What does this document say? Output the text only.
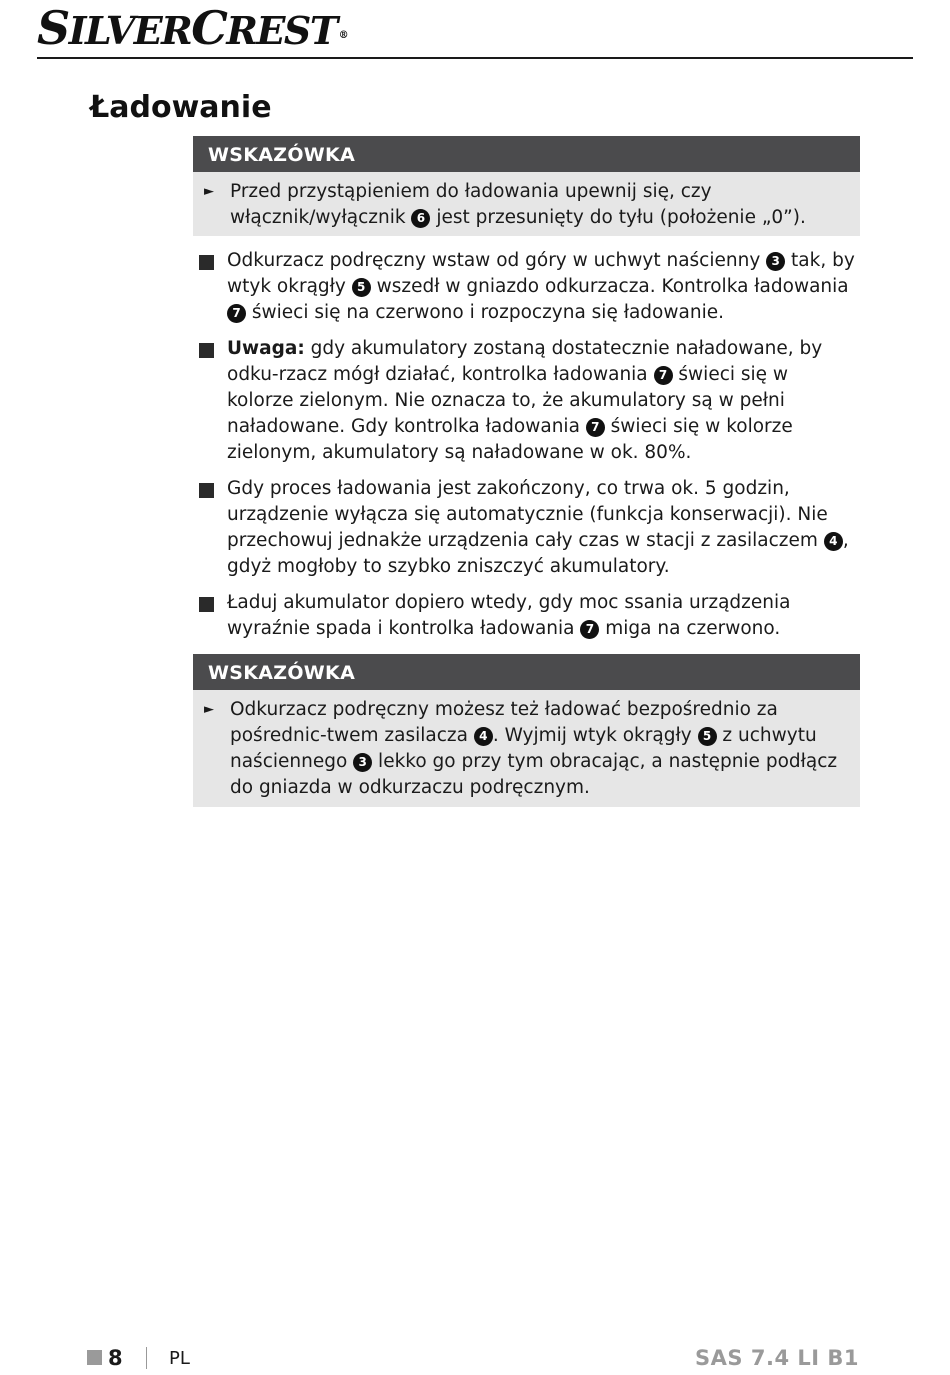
SILVERCREST ®
Ładowanie
WSKAZÓWKA
► Przed przystąpieniem do ładowania upewnij się, czy włącznik/wyłącznik 6 jest przesunięty do tyłu (położenie „0”).
Odkurzacz podręczny wstaw od góry w uchwyt naścienny 3 tak, by wtyk okrągły 5 wszedł w gniazdo odkurzacza. Kontrolka ładowania 7 świeci się na czerwono i rozpoczyna się ładowanie.
Uwaga: gdy akumulatory zostaną dostatecznie naładowane, by odku-rzacz mógł działać, kontrolka ładowania 7 świeci się w kolorze zielonym. Nie oznacza to, że akumulatory są w pełni naładowane. Gdy kontrolka ładowania 7 świeci się w kolorze zielonym, akumulatory są naładowane w ok. 80%.
Gdy proces ładowania jest zakończony, co trwa ok. 5 godzin, urządzenie wyłącza się automatycznie (funkcja konserwacji). Nie przechowuj jednakże urządzenia cały czas w stacji z zasilaczem 4 , gdyż mogłoby to szybko zniszczyć akumulatory.
Ładuj akumulator dopiero wtedy, gdy moc ssania urządzenia wyraźnie spada i kontrolka ładowania 7 miga na czerwono.
WSKAZÓWKA
► Odkurzacz podręczny możesz też ładować bezpośrednio za pośrednic-twem zasilacza 4 . Wyjmij wtyk okrągły 5 z uchwytu naściennego 3 lekko go przy tym obracając, a następnie podłącz do gniazda w odkurzaczu podręcznym.
8	PL	SAS 7.4 LI B1
